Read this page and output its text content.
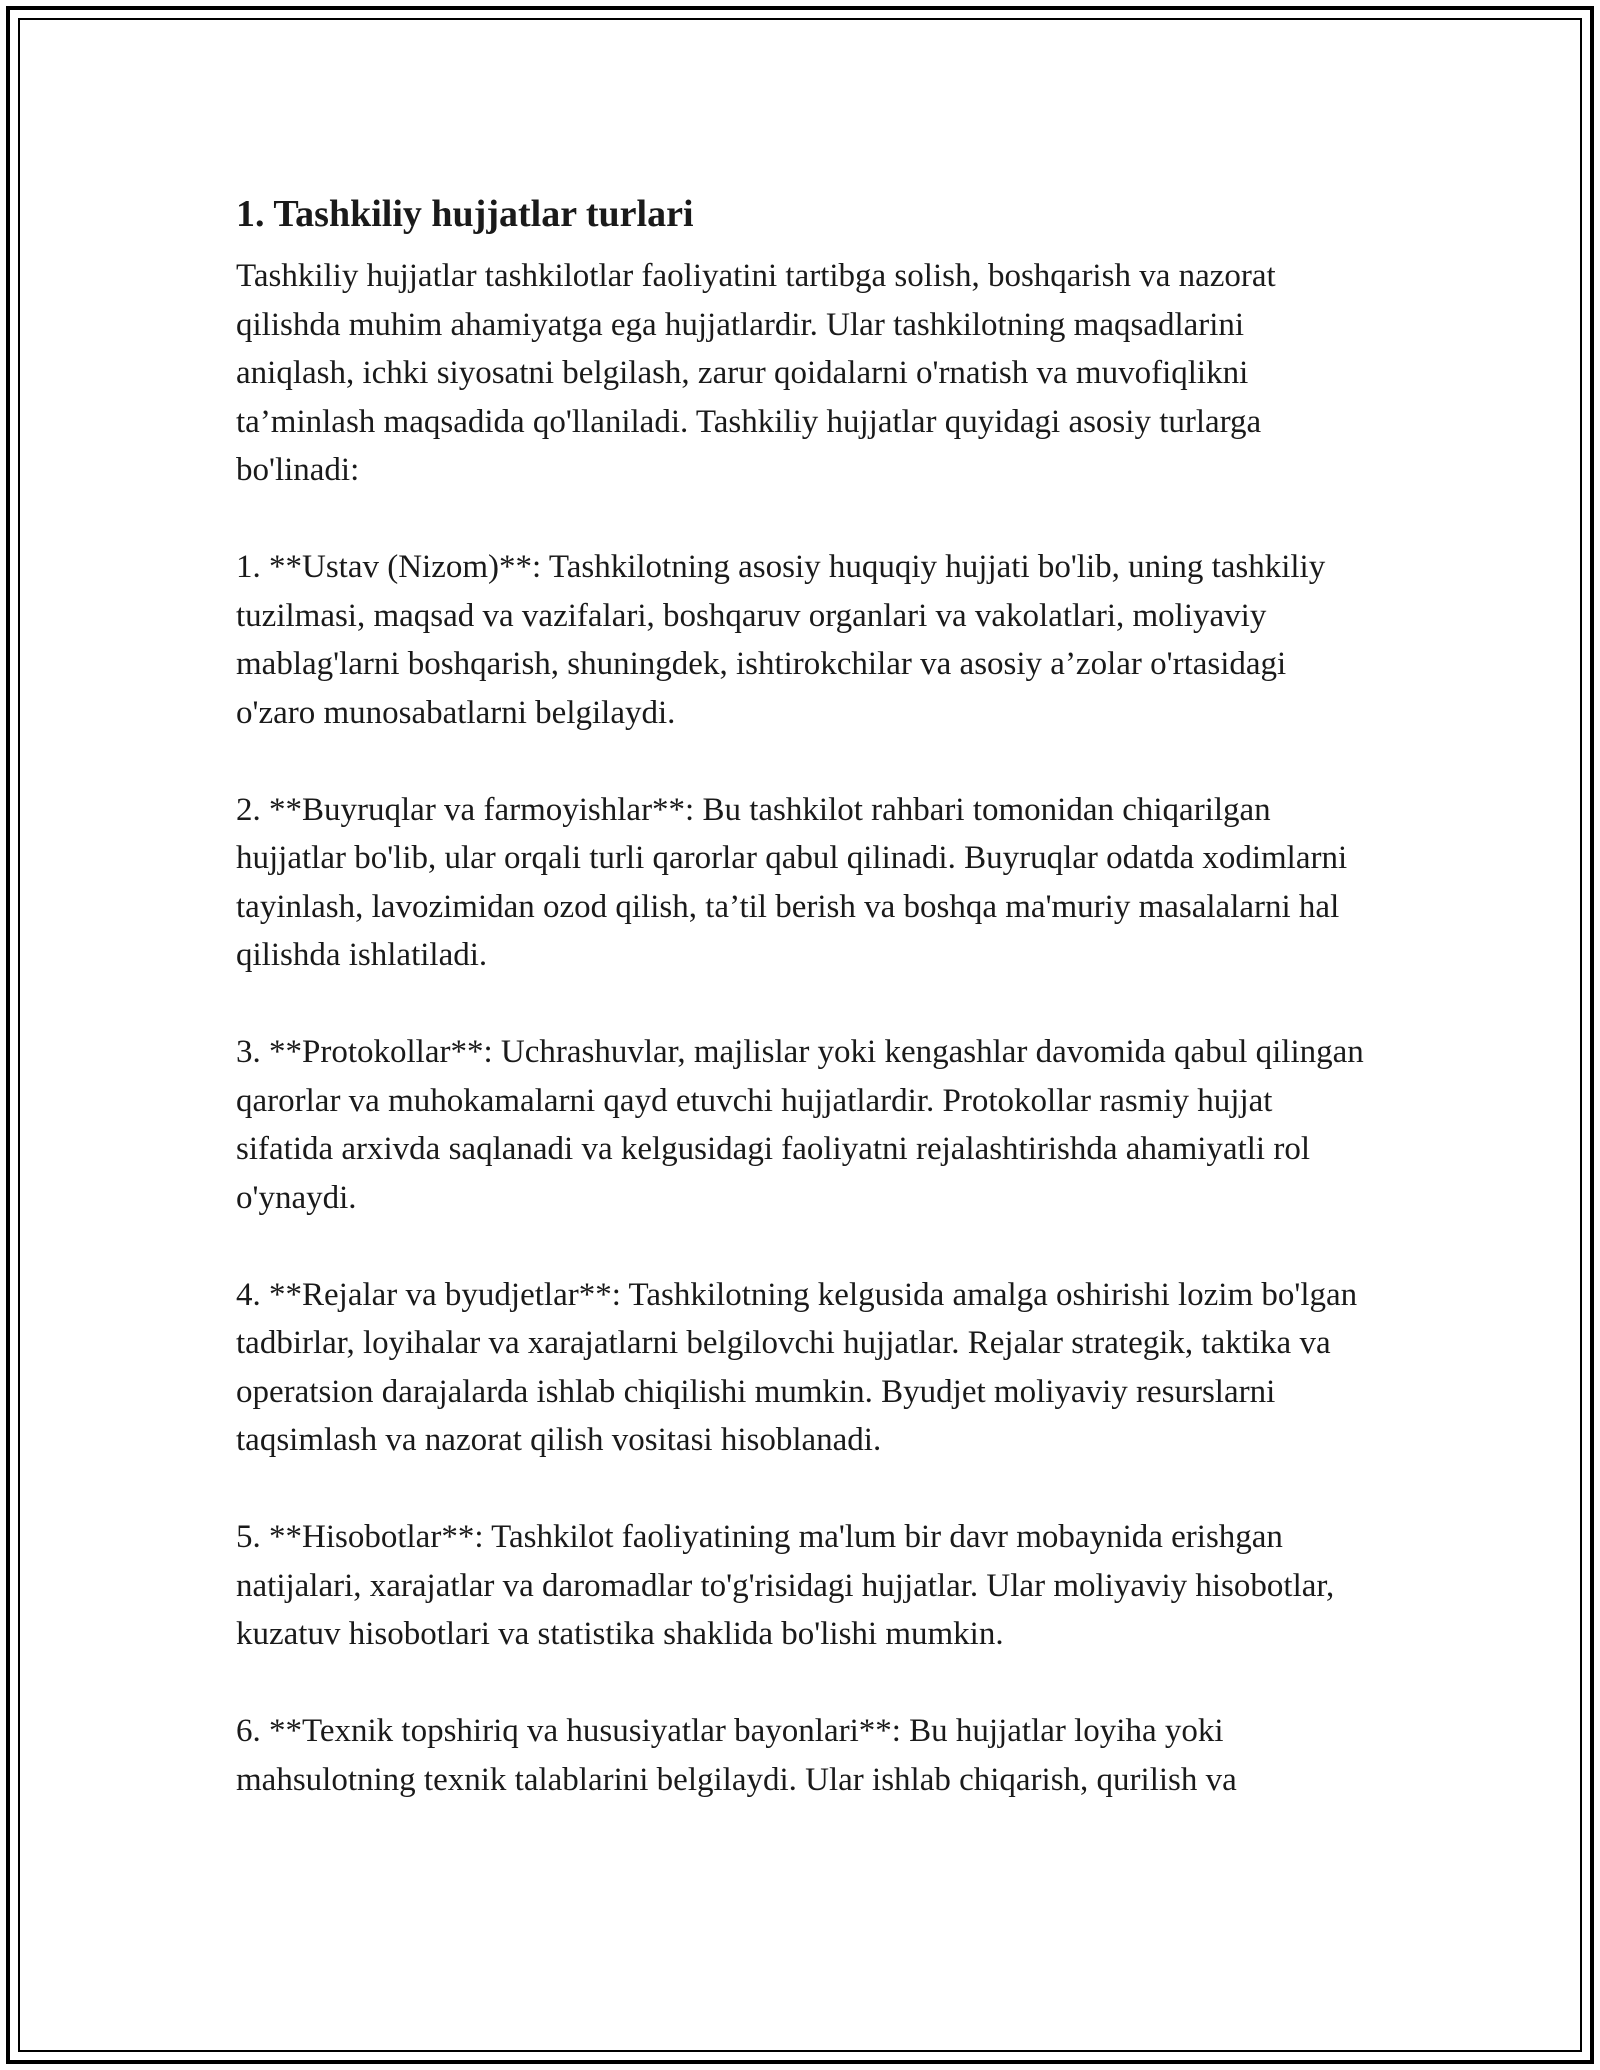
1. Tashkiliy hujjatlar turlari

Tashkiliy hujjatlar tashkilotlar faoliyatini tartibga solish, boshqarish va nazorat qilishda muhim ahamiyatga ega hujjatlardir. Ular tashkilotning maqsadlarini aniqlash, ichki siyosatni belgilash, zarur qoidalarni o'rnatish va muvofiqlikni ta’minlash maqsadida qo'llaniladi. Tashkiliy hujjatlar quyidagi asosiy turlarga bo'linadi:

1. **Ustav (Nizom)**: Tashkilotning asosiy huquqiy hujjati bo'lib, uning tashkiliy tuzilmasi, maqsad va vazifalari, boshqaruv organlari va vakolatlari, moliyaviy mablag'larni boshqarish, shuningdek, ishtirokchilar va asosiy a’zolar o'rtasidagi o'zaro munosabatlarni belgilaydi.

2. **Buyruqlar va farmoyishlar**: Bu tashkilot rahbari tomonidan chiqarilgan hujjatlar bo'lib, ular orqali turli qarorlar qabul qilinadi. Buyruqlar odatda xodimlarni tayinlash, lavozimidan ozod qilish, ta’til berish va boshqa ma'muriy masalalarni hal qilishda ishlatiladi.

3. **Protokollar**: Uchrashuvlar, majlislar yoki kengashlar davomida qabul qilingan qarorlar va muhokamalarni qayd etuvchi hujjatlardir. Protokollar rasmiy hujjat sifatida arxivda saqlanadi va kelgusidagi faoliyatni rejalashtirishda ahamiyatli rol o'ynaydi.

4. **Rejalar va byudjetlar**: Tashkilotning kelgusida amalga oshirishi lozim bo'lgan tadbirlar, loyihalar va xarajatlarni belgilovchi hujjatlar. Rejalar strategik, taktika va operatsion darajalarda ishlab chiqilishi mumkin. Byudjet moliyaviy resurslarni taqsimlash va nazorat qilish vositasi hisoblanadi.

5. **Hisobotlar**: Tashkilot faoliyatining ma'lum bir davr mobaynida erishgan natijalari, xarajatlar va daromadlar to'g'risidagi hujjatlar. Ular moliyaviy hisobotlar, kuzatuv hisobotlari va statistika shaklida bo'lishi mumkin.

6. **Texnik topshiriq va hususiyatlar bayonlari**: Bu hujjatlar loyiha yoki mahsulotning texnik talablarini belgilaydi. Ular ishlab chiqarish, qurilish va
